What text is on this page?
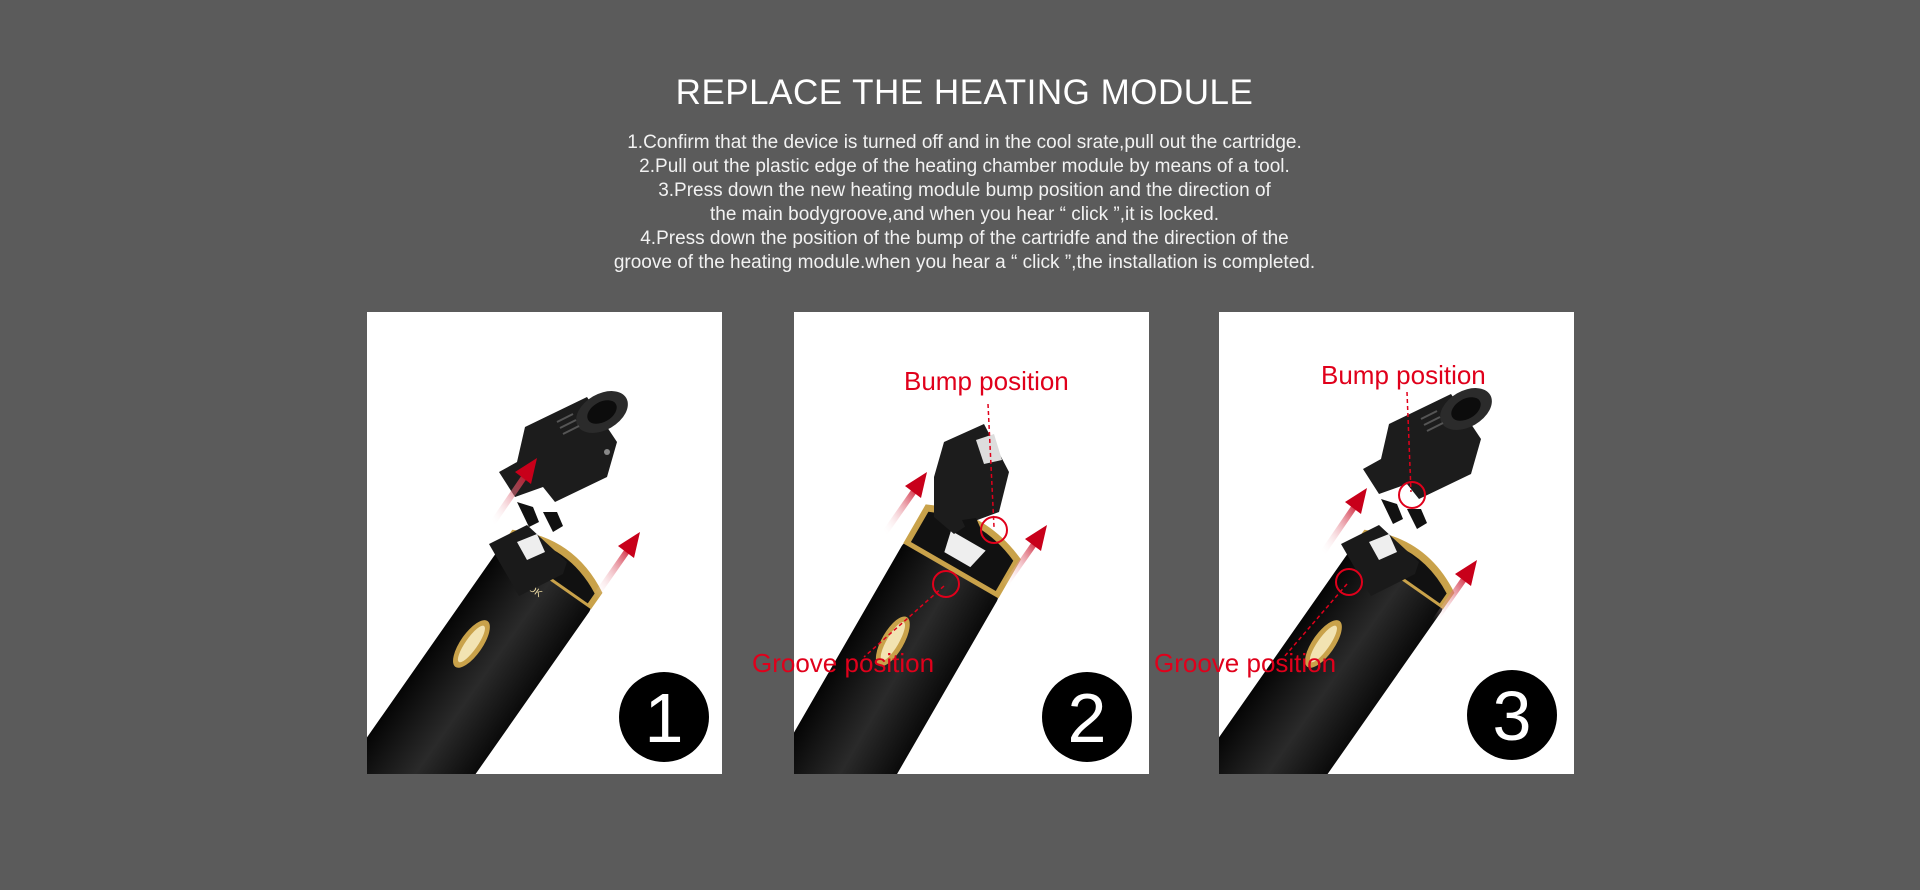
REPLACE THE HEATING MODULE
1.Confirm that the device is turned off and in the cool srate,pull out the cartridge.
2.Pull out the plastic edge of the heating chamber module by means of a tool.
3.Press down the new heating module bump position and the direction of
the main bodygroove,and when you hear “ click ”,it is locked.
4.Press down the position of the bump of the cartridfe and the direction of the
groove of the heating module.when you hear a “ click ”,the installation is completed.
1	2	3
Bump position
Groove position
Bump position
Groove position
